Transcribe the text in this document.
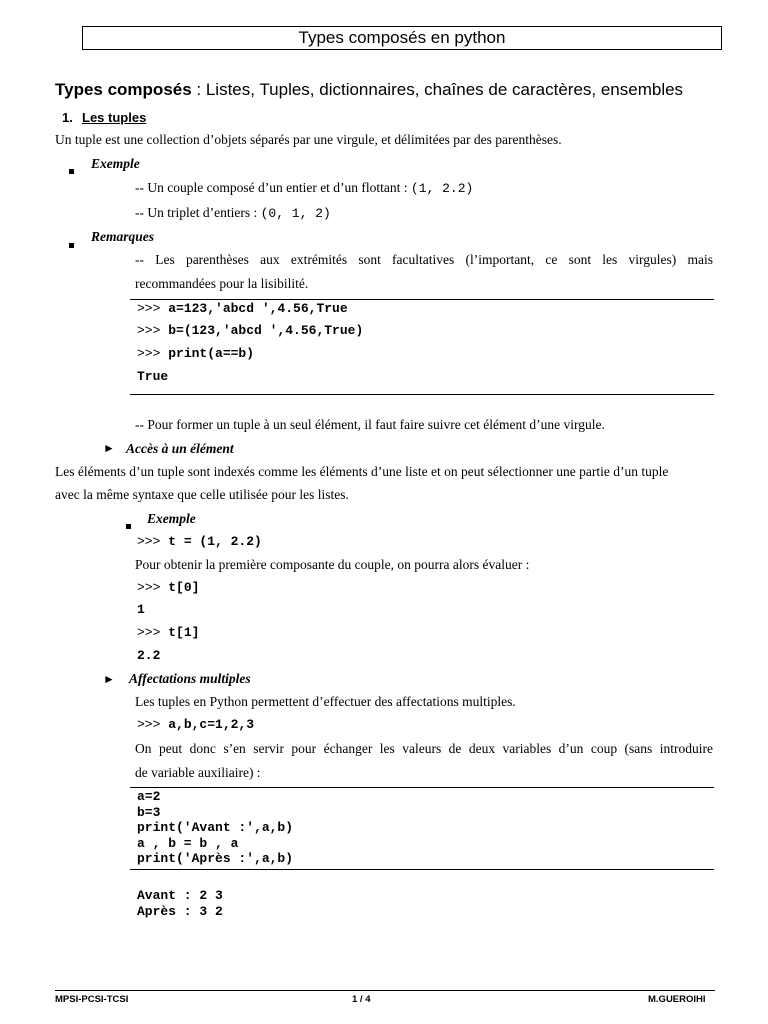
Types composés en python
Types composés : Listes, Tuples, dictionnaires, chaînes de caractères, ensembles
1. Les tuples
Un tuple est une collection d’objets séparés par une virgule, et délimitées par des parenthèses.
Exemple
-- Un couple composé d’un entier et d’un flottant : (1, 2.2)
-- Un triplet d’entiers : (0, 1, 2)
Remarques
-- Les parenthèses aux extrémités sont facultatives (l’important, ce sont les virgules) mais
recommandées pour la lisibilité.
>>> a=123,'abcd ',4.56,True
>>> b=(123,'abcd ',4.56,True)
>>> print(a==b)
True
-- Pour former un tuple à un seul élément, il faut faire suivre cet élément d’une virgule.
► Accès à un élément
Les éléments d’un tuple sont indexés comme les éléments d’une liste et on peut sélectionner une partie d’un tuple
avec la même syntaxe que celle utilisée pour les listes.
Exemple
>>> t = (1, 2.2)
Pour obtenir la première composante du couple, on pourra alors évaluer :
>>> t[0]
1
>>> t[1]
2.2
► Affectations multiples
Les tuples en Python permettent d’effectuer des affectations multiples.
>>> a,b,c=1,2,3
On peut donc s’en servir pour échanger les valeurs de deux variables d’un coup (sans introduire
de variable auxiliaire) :
a=2
b=3
print('Avant :',a,b)
a , b = b , a
print('Après :',a,b)
Avant : 2 3
Après : 3 2
MPSI-PCSI-TCSI	1 / 4	M.GUEROIHI
